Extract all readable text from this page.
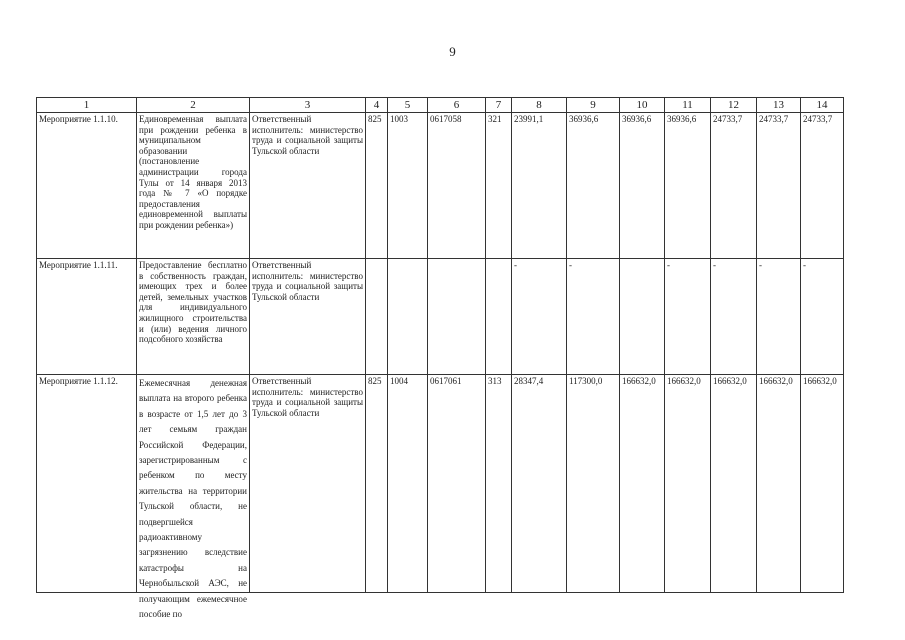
9
1	2	3	4	5	6	7	8	9	10	11	12	13	14
Мероприятие 1.1.10.	Единовременная выплата при рождении ребенка в муниципальном образовании (постановление администрации города Тулы от 14 января 2013 года № 7 «О порядке предоставления единовременной выплаты при рождении ребенка»)	Ответственный исполнитель: министерство труда и социальной защиты Тульской области	825	1003	0617058	321	23991,1	36936,6	36936,6	36936,6	24733,7	24733,7	24733,7
Мероприятие 1.1.11.	Предоставление бесплатно в собственность граждан, имеющих трех и более детей, земельных участков для индивидуального жилищного строительства и (или) ведения личного подсобного хозяйства	Ответственный исполнитель: министерство труда и социальной защиты Тульской области					-	-		-	-	-	-
Мероприятие 1.1.12.	Ежемесячная денежная выплата на второго ребенка в возрасте от 1,5 лет до 3 лет семьям граждан Российской Федерации, зарегистрированным с ребенком по месту жительства на территории Тульской области, не подвергшейся радиоактивному загрязнению вследствие катастрофы на Чернобыльской АЭС, не получающим ежемесячное пособие по	Ответственный исполнитель: министерство труда и социальной защиты Тульской области	825	1004	0617061	313	28347,4	117300,0	166632,0	166632,0	166632,0	166632,0	166632,0
